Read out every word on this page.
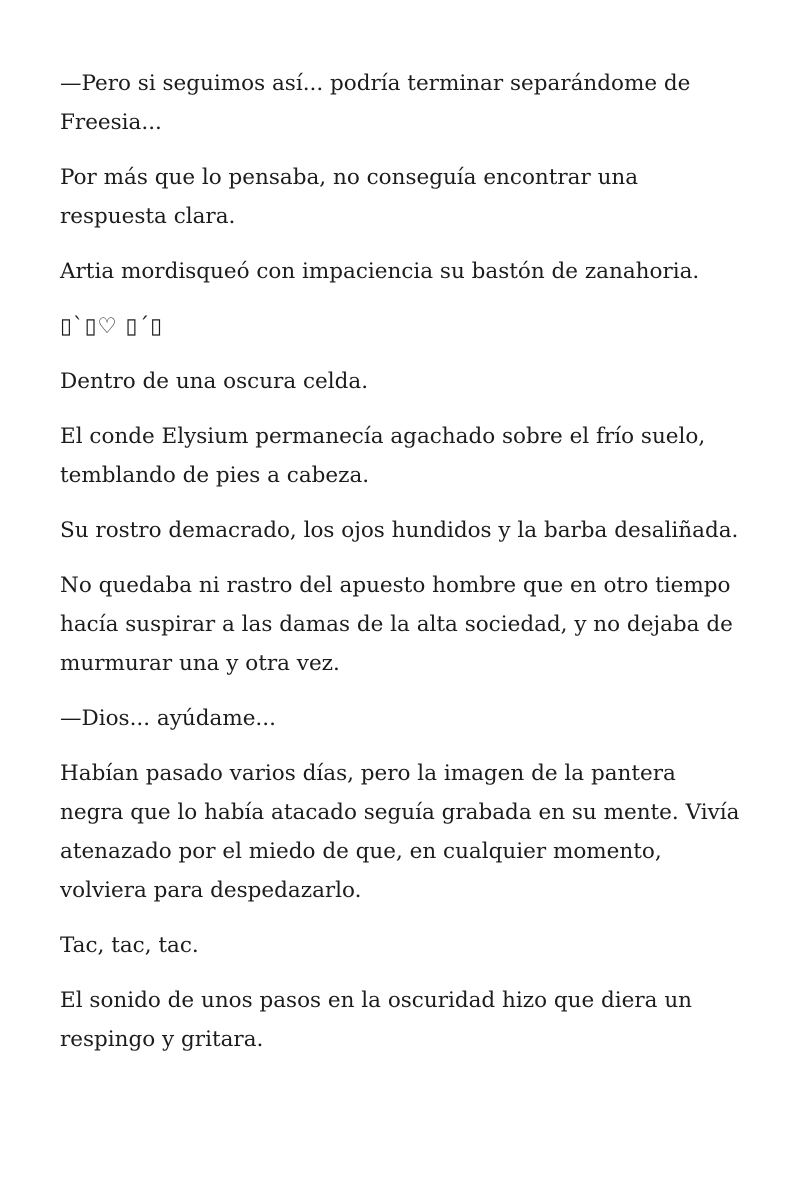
—Pero si seguimos así... podría terminar separándome de Freesia...

Por más que lo pensaba, no conseguía encontrar una respuesta clara.

Artia mordisqueó con impaciencia su bastón de zanahoria.

▯`▯♡ ▯´▯

Dentro de una oscura celda.

El conde Elysium permanecía agachado sobre el frío suelo, temblando de pies a cabeza.

Su rostro demacrado, los ojos hundidos y la barba desaliñada.

No quedaba ni rastro del apuesto hombre que en otro tiempo hacía suspirar a las damas de la alta sociedad, y no dejaba de murmurar una y otra vez.

—Dios... ayúdame...

Habían pasado varios días, pero la imagen de la pantera negra que lo había atacado seguía grabada en su mente. Vivía atenazado por el miedo de que, en cualquier momento, volviera para despedazarlo.

Tac, tac, tac.

El sonido de unos pasos en la oscuridad hizo que diera un respingo y gritara.
